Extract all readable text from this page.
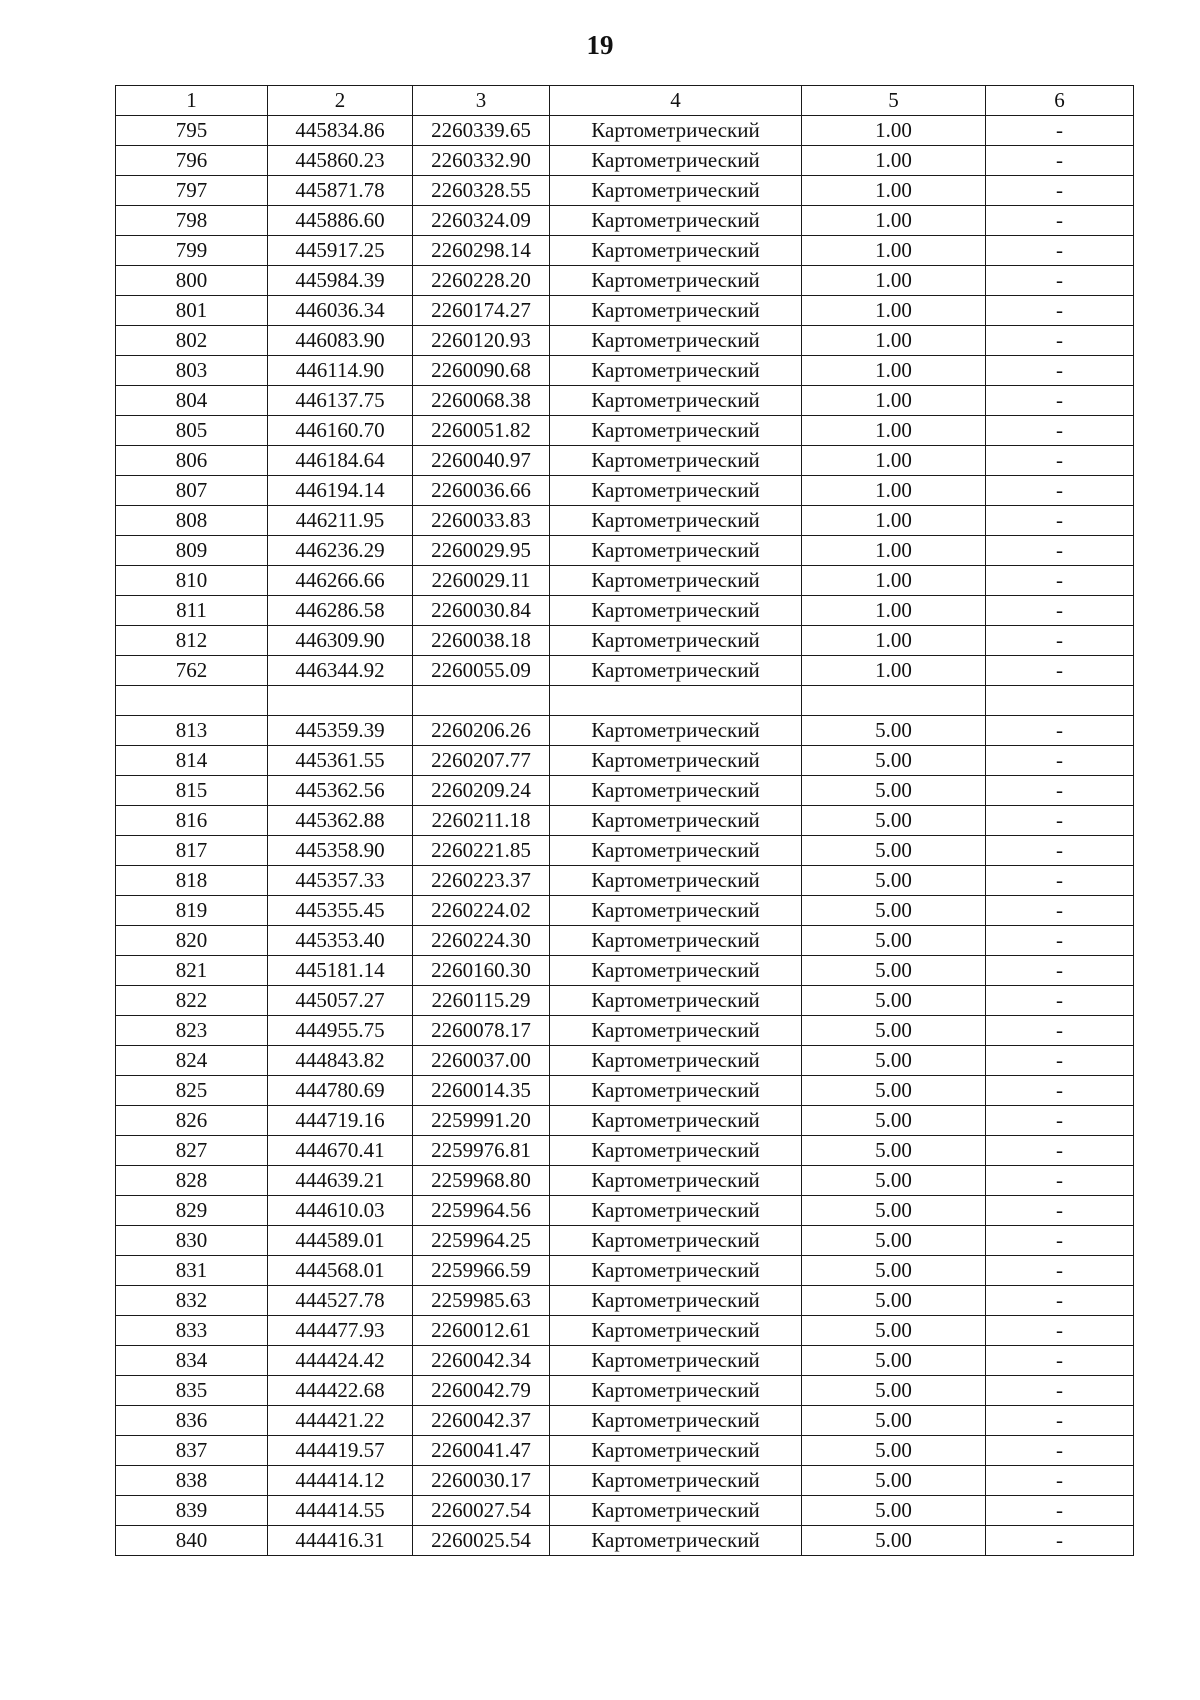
19
1	2	3	4	5	6
795	445834.86	2260339.65	Картометрический	1.00	-
796	445860.23	2260332.90	Картометрический	1.00	-
797	445871.78	2260328.55	Картометрический	1.00	-
798	445886.60	2260324.09	Картометрический	1.00	-
799	445917.25	2260298.14	Картометрический	1.00	-
800	445984.39	2260228.20	Картометрический	1.00	-
801	446036.34	2260174.27	Картометрический	1.00	-
802	446083.90	2260120.93	Картометрический	1.00	-
803	446114.90	2260090.68	Картометрический	1.00	-
804	446137.75	2260068.38	Картометрический	1.00	-
805	446160.70	2260051.82	Картометрический	1.00	-
806	446184.64	2260040.97	Картометрический	1.00	-
807	446194.14	2260036.66	Картометрический	1.00	-
808	446211.95	2260033.83	Картометрический	1.00	-
809	446236.29	2260029.95	Картометрический	1.00	-
810	446266.66	2260029.11	Картометрический	1.00	-
811	446286.58	2260030.84	Картометрический	1.00	-
812	446309.90	2260038.18	Картометрический	1.00	-
762	446344.92	2260055.09	Картометрический	1.00	-

813	445359.39	2260206.26	Картометрический	5.00	-
814	445361.55	2260207.77	Картометрический	5.00	-
815	445362.56	2260209.24	Картометрический	5.00	-
816	445362.88	2260211.18	Картометрический	5.00	-
817	445358.90	2260221.85	Картометрический	5.00	-
818	445357.33	2260223.37	Картометрический	5.00	-
819	445355.45	2260224.02	Картометрический	5.00	-
820	445353.40	2260224.30	Картометрический	5.00	-
821	445181.14	2260160.30	Картометрический	5.00	-
822	445057.27	2260115.29	Картометрический	5.00	-
823	444955.75	2260078.17	Картометрический	5.00	-
824	444843.82	2260037.00	Картометрический	5.00	-
825	444780.69	2260014.35	Картометрический	5.00	-
826	444719.16	2259991.20	Картометрический	5.00	-
827	444670.41	2259976.81	Картометрический	5.00	-
828	444639.21	2259968.80	Картометрический	5.00	-
829	444610.03	2259964.56	Картометрический	5.00	-
830	444589.01	2259964.25	Картометрический	5.00	-
831	444568.01	2259966.59	Картометрический	5.00	-
832	444527.78	2259985.63	Картометрический	5.00	-
833	444477.93	2260012.61	Картометрический	5.00	-
834	444424.42	2260042.34	Картометрический	5.00	-
835	444422.68	2260042.79	Картометрический	5.00	-
836	444421.22	2260042.37	Картометрический	5.00	-
837	444419.57	2260041.47	Картометрический	5.00	-
838	444414.12	2260030.17	Картометрический	5.00	-
839	444414.55	2260027.54	Картометрический	5.00	-
840	444416.31	2260025.54	Картометрический	5.00	-
